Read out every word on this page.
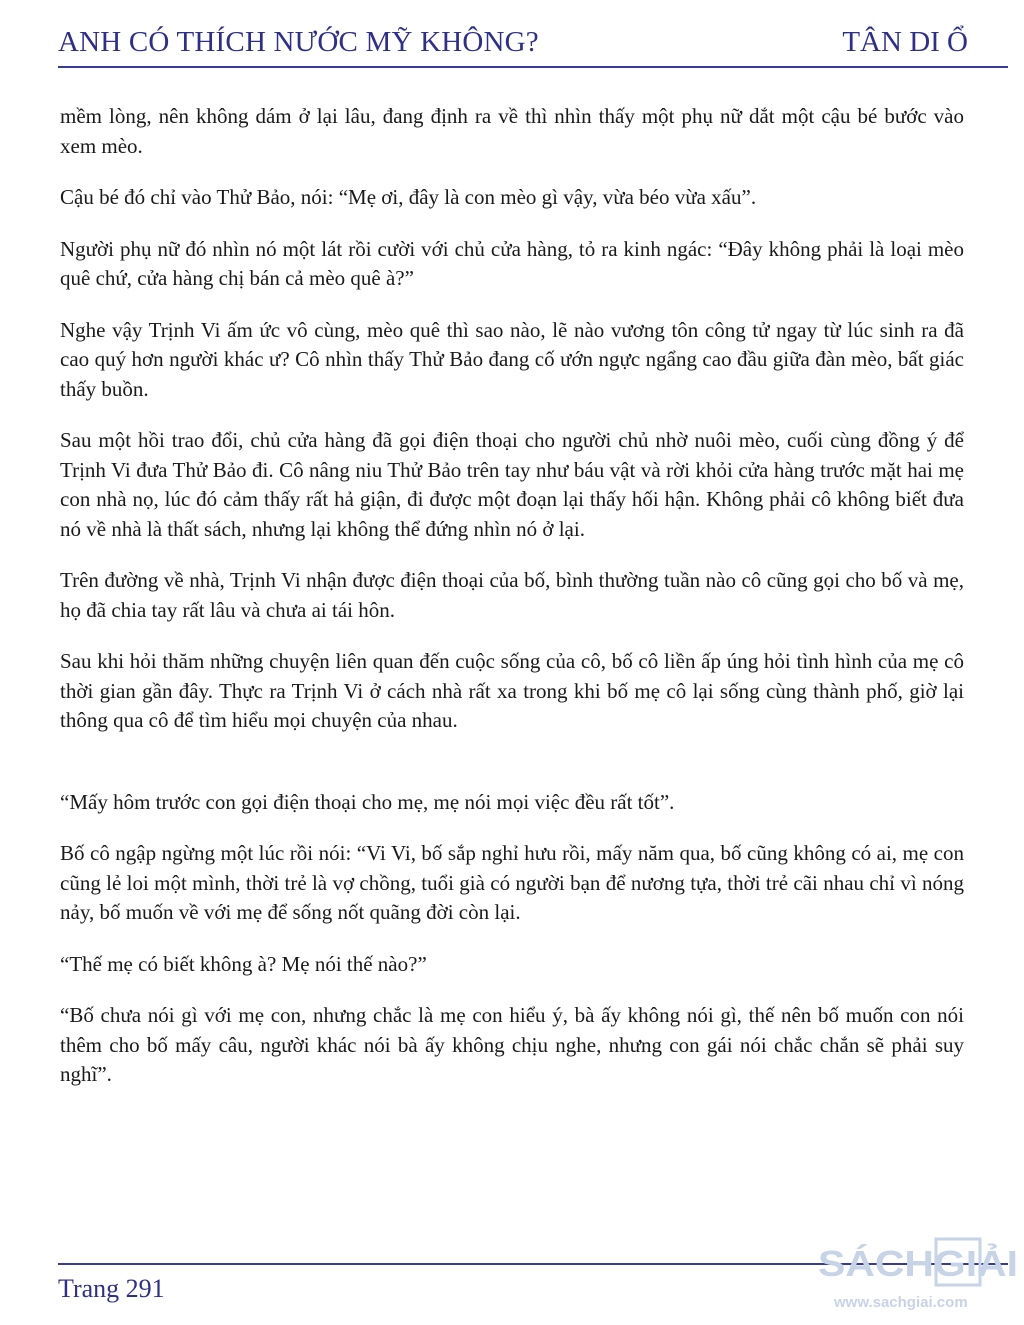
ANH CÓ THÍCH NƯỚC MỸ KHÔNG?	TÂN DI Ổ

mềm lòng, nên không dám ở lại lâu, đang định ra về thì nhìn thấy một phụ nữ dắt một cậu bé bước vào xem mèo.

Cậu bé đó chỉ vào Thử Bảo, nói: “Mẹ ơi, đây là con mèo gì vậy, vừa béo vừa xấu”.

Người phụ nữ đó nhìn nó một lát rồi cười với chủ cửa hàng, tỏ ra kinh ngác: “Đây không phải là loại mèo quê chứ, cửa hàng chị bán cả mèo quê à?”

Nghe vậy Trịnh Vi ấm ức vô cùng, mèo quê thì sao nào, lẽ nào vương tôn công tử ngay từ lúc sinh ra đã cao quý hơn người khác ư? Cô nhìn thấy Thử Bảo đang cố ướn ngực ngẩng cao đầu giữa đàn mèo, bất giác thấy buồn.

Sau một hồi trao đổi, chủ cửa hàng đã gọi điện thoại cho người chủ nhờ nuôi mèo, cuối cùng đồng ý để Trịnh Vi đưa Thử Bảo đi. Cô nâng niu Thử Bảo trên tay như báu vật và rời khỏi cửa hàng trước mặt hai mẹ con nhà nọ, lúc đó cảm thấy rất hả giận, đi được một đoạn lại thấy hối hận. Không phải cô không biết đưa nó về nhà là thất sách, nhưng lại không thể đứng nhìn nó ở lại.

Trên đường về nhà, Trịnh Vi nhận được điện thoại của bố, bình thường tuần nào cô cũng gọi cho bố và mẹ, họ đã chia tay rất lâu và chưa ai tái hôn.

Sau khi hỏi thăm những chuyện liên quan đến cuộc sống của cô, bố cô liền ấp úng hỏi tình hình của mẹ cô thời gian gần đây. Thực ra Trịnh Vi ở cách nhà rất xa trong khi bố mẹ cô lại sống cùng thành phố, giờ lại thông qua cô để tìm hiểu mọi chuyện của nhau.

“Mấy hôm trước con gọi điện thoại cho mẹ, mẹ nói mọi việc đều rất tốt”.

Bố cô ngập ngừng một lúc rồi nói: “Vi Vi, bố sắp nghỉ hưu rồi, mấy năm qua, bố cũng không có ai, mẹ con cũng lẻ loi một mình, thời trẻ là vợ chồng, tuổi già có người bạn để nương tựa, thời trẻ cãi nhau chỉ vì nóng nảy, bố muốn về với mẹ để sống nốt quãng đời còn lại.

“Thế mẹ có biết không à? Mẹ nói thế nào?”

“Bố chưa nói gì với mẹ con, nhưng chắc là mẹ con hiểu ý, bà ấy không nói gì, thế nên bố muốn con nói thêm cho bố mấy câu, người khác nói bà ấy không chịu nghe, nhưng con gái nói chắc chắn sẽ phải suy nghĩ”.

Trang 291
SÁCHGIẢI
www.sachgiai.com
